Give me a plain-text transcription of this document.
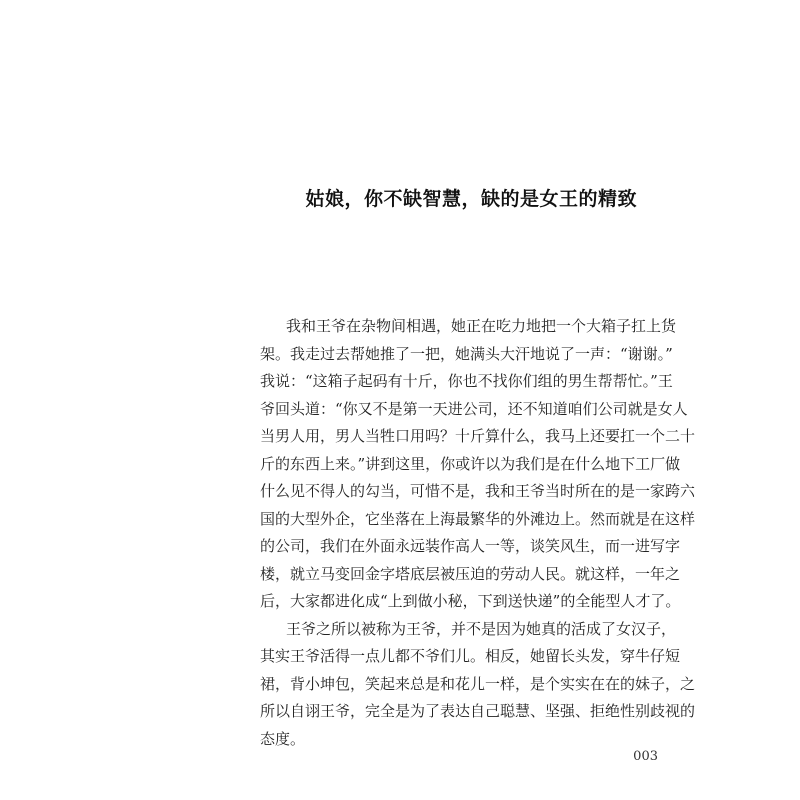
姑娘，你不缺智慧，缺的是女王的精致
我和王爷在杂物间相遇，她正在吃力地把一个大箱子扛上货
架。我走过去帮她推了一把，她满头大汗地说了一声：“谢谢。”
我说：“这箱子起码有十斤，你也不找你们组的男生帮帮忙。”王
爷回头道：“你又不是第一天进公司，还不知道咱们公司就是女人
当男人用，男人当牲口用吗？十斤算什么，我马上还要扛一个二十
斤的东西上来。”讲到这里，你或许以为我们是在什么地下工厂做
什么见不得人的勾当，可惜不是，我和王爷当时所在的是一家跨六
国的大型外企，它坐落在上海最繁华的外滩边上。然而就是在这样
的公司，我们在外面永远装作高人一等，谈笑风生，而一进写字
楼，就立马变回金字塔底层被压迫的劳动人民。就这样，一年之
后，大家都进化成“上到做小秘，下到送快递”的全能型人才了。
王爷之所以被称为王爷，并不是因为她真的活成了女汉子，
其实王爷活得一点儿都不爷们儿。相反，她留长头发，穿牛仔短
裙，背小坤包，笑起来总是和花儿一样，是个实实在在的妹子，之
所以自诩王爷，完全是为了表达自己聪慧、坚强、拒绝性别歧视的
态度。
003
